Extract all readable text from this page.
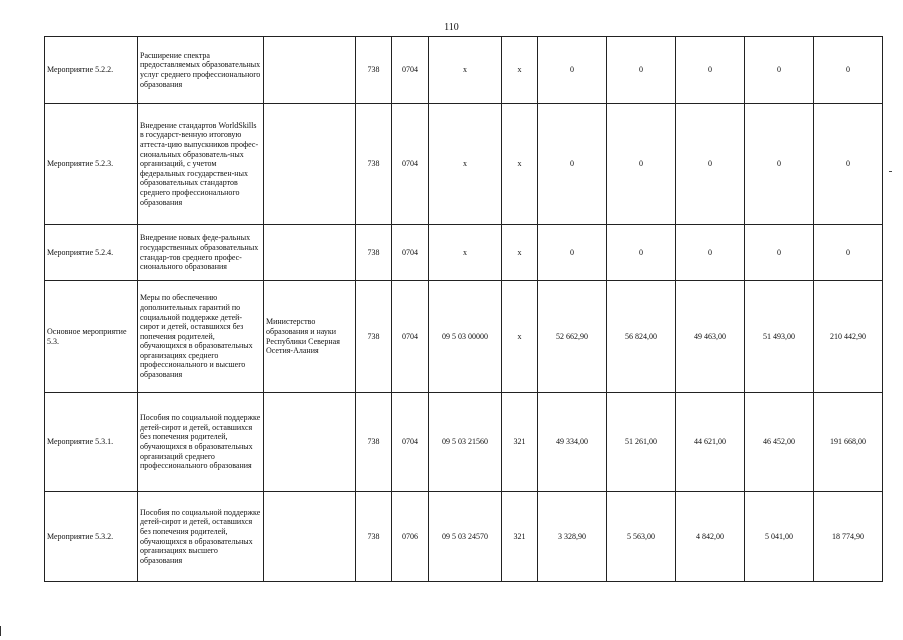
110
Мероприятие 5.2.2.	Расширение спектра предоставляемых образовательных услуг среднего профессионального образования		738	0704	х	х	0	0	0	0	0
Мероприятие 5.2.3.	Внедрение стандартов WorldSkills в государст-венную итоговую аттеста-цию выпускников профес-сиональных образователь-ных организаций, с учетом федеральных государствен-ных образовательных стандартов среднего профессионального образования		738	0704	х	х	0	0	0	0	0
Мероприятие 5.2.4.	Внедрение новых феде-ральных государственных образовательных стандар-тов среднего профес-сионального образования		738	0704	х	х	0	0	0	0	0
Основное мероприятие 5.3.	Меры по обеспечению дополнительных гарантий по социальной поддержке детей-сирот и детей, оставшихся без попечения родителей, обучающихся в образовательных организациях среднего профессионального и высшего образования	Министерство образования и науки Республики Северная Осетия-Алания	738	0704	09 5 03 00000	х	52 662,90	56 824,00	49 463,00	51 493,00	210 442,90
Мероприятие 5.3.1.	Пособия по социальной поддержке детей-сирот и детей, оставшихся без попечения родителей, обучающихся в образовательных организаций среднего профессионального образования		738	0704	09 5 03 21560	321	49 334,00	51 261,00	44 621,00	46 452,00	191 668,00
Мероприятие 5.3.2.	Пособия по социальной поддержке детей-сирот и детей, оставшихся без попечения родителей, обучающихся в образовательных организациях высшего образования		738	0706	09 5 03 24570	321	3 328,90	5 563,00	4 842,00	5 041,00	18 774,90
